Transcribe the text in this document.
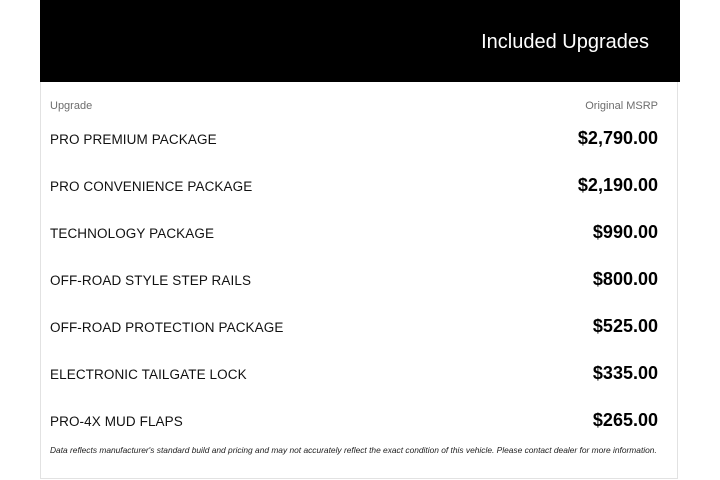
Included Upgrades
Upgrade	Original MSRP
PRO PREMIUM PACKAGE	$2,790.00
PRO CONVENIENCE PACKAGE	$2,190.00
TECHNOLOGY PACKAGE	$990.00
OFF-ROAD STYLE STEP RAILS	$800.00
OFF-ROAD PROTECTION PACKAGE	$525.00
ELECTRONIC TAILGATE LOCK	$335.00
PRO-4X MUD FLAPS	$265.00
Data reflects manufacturer's standard build and pricing and may not accurately reflect the exact condition of this vehicle. Please contact dealer for more information.
